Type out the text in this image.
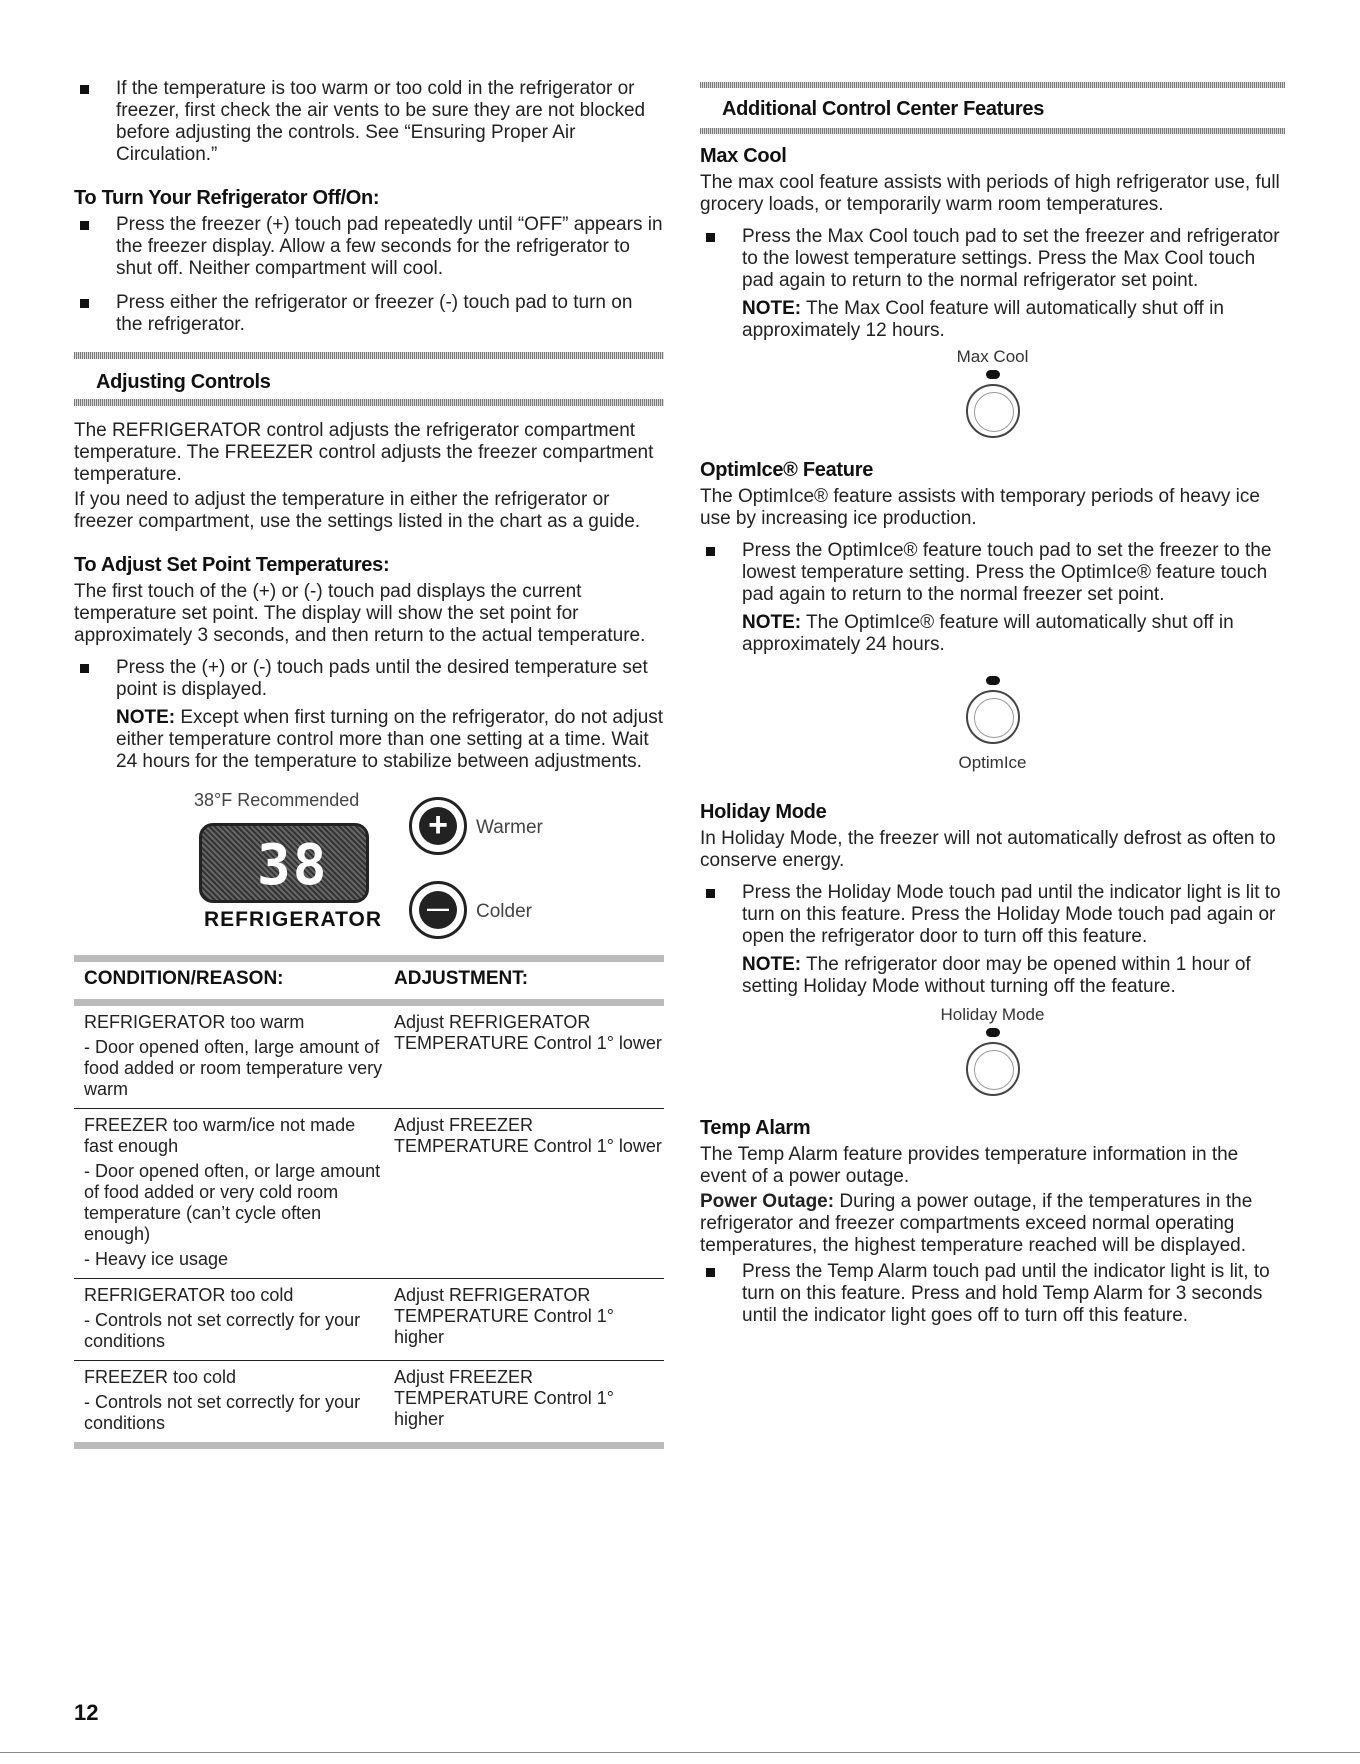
If the temperature is too warm or too cold in the refrigerator or freezer, first check the air vents to be sure they are not blocked before adjusting the controls. See “Ensuring Proper Air Circulation.”
To Turn Your Refrigerator Off/On:
Press the freezer (+) touch pad repeatedly until “OFF” appears in the freezer display. Allow a few seconds for the refrigerator to shut off. Neither compartment will cool.
Press either the refrigerator or freezer (-) touch pad to turn on the refrigerator.
Adjusting Controls

The REFRIGERATOR control adjusts the refrigerator compartment temperature. The FREEZER control adjusts the freezer compartment temperature.

If you need to adjust the temperature in either the refrigerator or freezer compartment, use the settings listed in the chart as a guide.

To Adjust Set Point Temperatures:

The first touch of the (+) or (-) touch pad displays the current temperature set point. The display will show the set point for approximately 3 seconds, and then return to the actual temperature.

Press the (+) or (-) touch pads until the desired temperature set point is displayed.
NOTE: Except when first turning on the refrigerator, do not adjust either temperature control more than one setting at a time. Wait 24 hours for the temperature to stabilize between adjustments.
38°F Recommended
38
REFRIGERATOR
+	Warmer
—	Colder
CONDITION/REASON:	ADJUSTMENT:

REFRIGERATOR too warm
- Door opened often, large amount of food added or room temperature very warm	Adjust REFRIGERATOR TEMPERATURE Control 1° lower

FREEZER too warm/ice not made fast enough
- Door opened often, or large amount of food added or very cold room temperature (can’t cycle often enough)
- Heavy ice usage	Adjust FREEZER TEMPERATURE Control 1° lower

REFRIGERATOR too cold
- Controls not set correctly for your conditions	Adjust REFRIGERATOR TEMPERATURE Control 1° higher

FREEZER too cold
- Controls not set correctly for your conditions	Adjust FREEZER TEMPERATURE Control 1° higher
Additional Control Center Features
Max Cool

The max cool feature assists with periods of high refrigerator use, full grocery loads, or temporarily warm room temperatures.

Press the Max Cool touch pad to set the freezer and refrigerator to the lowest temperature settings. Press the Max Cool touch pad again to return to the normal refrigerator set point.
NOTE: The Max Cool feature will automatically shut off in approximately 12 hours.
Max Cool
OptimIce® Feature

The OptimIce® feature assists with temporary periods of heavy ice use by increasing ice production.

Press the OptimIce® feature touch pad to set the freezer to the lowest temperature setting. Press the OptimIce® feature touch pad again to return to the normal freezer set point.
NOTE: The OptimIce® feature will automatically shut off in approximately 24 hours.
OptimIce
Holiday Mode

In Holiday Mode, the freezer will not automatically defrost as often to conserve energy.

Press the Holiday Mode touch pad until the indicator light is lit to turn on this feature. Press the Holiday Mode touch pad again or open the refrigerator door to turn off this feature.
NOTE: The refrigerator door may be opened within 1 hour of setting Holiday Mode without turning off the feature.
Holiday Mode
Temp Alarm

The Temp Alarm feature provides temperature information in the event of a power outage.

Power Outage: During a power outage, if the temperatures in the refrigerator and freezer compartments exceed normal operating temperatures, the highest temperature reached will be displayed.

Press the Temp Alarm touch pad until the indicator light is lit, to turn on this feature. Press and hold Temp Alarm for 3 seconds until the indicator light goes off to turn off this feature.
12
